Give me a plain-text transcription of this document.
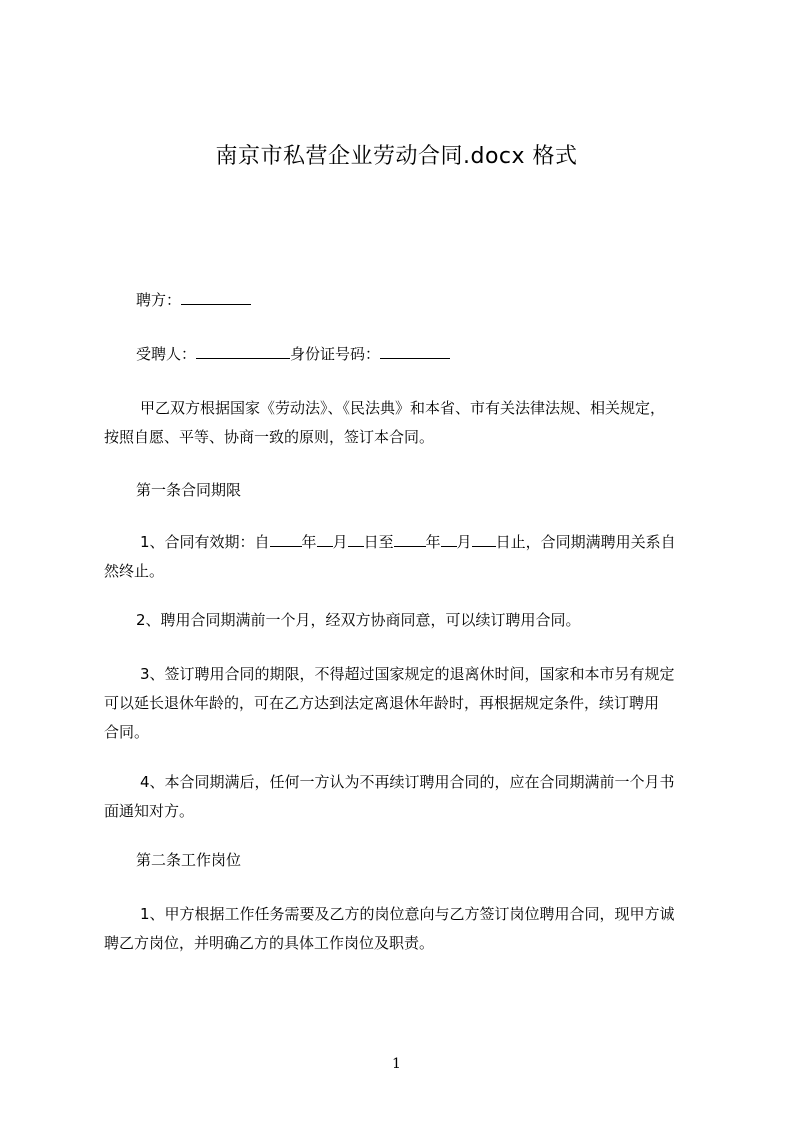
南京市私营企业劳动合同.docx 格式
聘方：
受聘人：	身份证号码：
甲乙双方根据国家《劳动法》、《民法典》和本省、市有关法律法规、相关规定，
按照自愿、平等、协商一致的原则，签订本合同。
第一条合同期限
1、合同有效期：自 年 月 日至 年 月 日止，合同期满聘用关系自
然终止。
2、聘用合同期满前一个月，经双方协商同意，可以续订聘用合同。
3、签订聘用合同的期限，不得超过国家规定的退离休时间，国家和本市另有规定
可以延长退休年龄的，可在乙方达到法定离退休年龄时，再根据规定条件，续订聘用
合同。
4、本合同期满后，任何一方认为不再续订聘用合同的，应在合同期满前一个月书
面通知对方。
第二条工作岗位
1、甲方根据工作任务需要及乙方的岗位意向与乙方签订岗位聘用合同，现甲方诚
聘乙方岗位，并明确乙方的具体工作岗位及职责。
1
